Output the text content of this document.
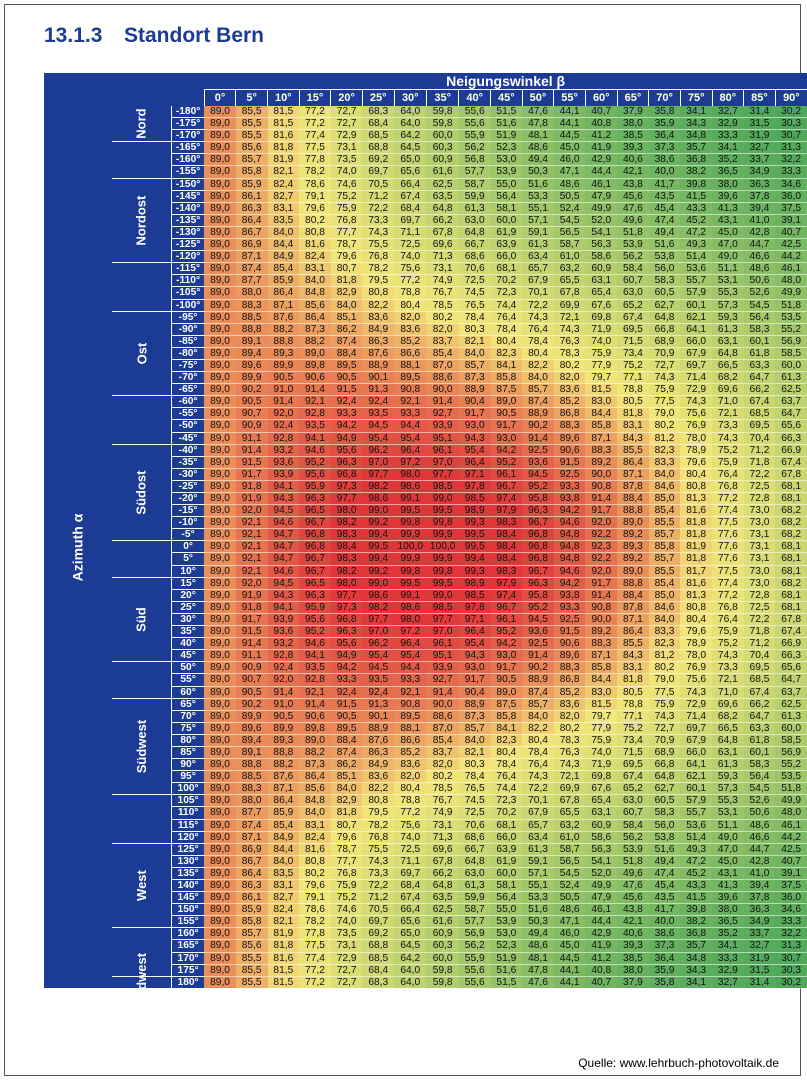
13.1.3 Standort Bern
			Neigungswinkel β																		
			0°	5°	10°	15°	20°	25°	30°	35°	40°	45°	50°	55°	60°	65°	70°	75°	80°	85°	90°
Azimuth α	Nord	-180°	89,0	85,5	81,5	77,2	72,7	68,3	64,0	59,8	55,6	51,5	47,6	44,1	40,7	37,9	35,8	34,1	32,7	31,4	30,2
		-175°	89,0	85,5	81,5	77,2	72,7	68,4	64,0	59,8	55,6	51,6	47,8	44,1	40,8	38,0	35,9	34,3	32,9	31,5	30,3
		-170°	89,0	85,5	81,6	77,4	72,9	68,5	64,2	60,0	55,9	51,9	48,1	44,5	41,2	38,5	36,4	34,8	33,3	31,9	30,7
		-165°	89,0	85,6	81,8	77,5	73,1	68,8	64,5	60,3	56,2	52,3	48,6	45,0	41,9	39,3	37,3	35,7	34,1	32,7	31,3
		-160°	89,0	85,7	81,9	77,8	73,5	69,2	65,0	60,9	56,8	53,0	49,4	46,0	42,9	40,6	38,6	36,8	35,2	33,7	32,2
		-155°	89,0	85,8	82,1	78,2	74,0	69,7	65,6	61,6	57,7	53,9	50,3	47,1	44,4	42,1	40,0	38,2	36,5	34,9	33,3
	Nordost	-150°	89,0	85,9	82,4	78,6	74,6	70,5	66,4	62,5	58,7	55,0	51,6	48,6	46,1	43,8	41,7	39,8	38,0	36,3	34,6
		-145°	89,0	86,1	82,7	79,1	75,2	71,2	67,4	63,5	59,9	56,4	53,3	50,5	47,9	45,6	43,5	41,5	39,6	37,8	36,0
		-140°	89,0	86,3	83,1	79,6	75,9	72,2	68,4	64,8	61,3	58,1	55,1	52,4	49,9	47,6	45,4	43,3	41,3	39,4	37,5
		-135°	89,0	86,4	83,5	80,2	76,8	73,3	69,7	66,2	63,0	60,0	57,1	54,5	52,0	49,6	47,4	45,2	43,1	41,0	39,1
		-130°	89,0	86,7	84,0	80,8	77,7	74,3	71,1	67,8	64,8	61,9	59,1	56,5	54,1	51,8	49,4	47,2	45,0	42,8	40,7
		-125°	89,0	86,9	84,4	81,6	78,7	75,5	72,5	69,6	66,7	63,9	61,3	58,7	56,3	53,9	51,6	49,3	47,0	44,7	42,5
		-120°	89,0	87,1	84,9	82,4	79,6	76,8	74,0	71,3	68,6	66,0	63,4	61,0	58,6	56,2	53,8	51,4	49,0	46,6	44,2
		-115°	89,0	87,4	85,4	83,1	80,7	78,2	75,6	73,1	70,6	68,1	65,7	63,2	60,9	58,4	56,0	53,6	51,1	48,6	46,1
		-110°	89,0	87,7	85,9	84,0	81,8	79,5	77,2	74,9	72,5	70,2	67,9	65,5	63,1	60,7	58,3	55,7	53,1	50,6	48,0
		-105°	89,0	88,0	86,4	84,8	82,9	80,8	78,8	76,7	74,5	72,3	70,1	67,8	65,4	63,0	60,5	57,9	55,3	52,6	49,9
		-100°	89,0	88,3	87,1	85,6	84,0	82,2	80,4	78,5	76,5	74,4	72,2	69,9	67,6	65,2	62,7	60,1	57,3	54,5	51,8
	Ost	-95°	89,0	88,5	87,6	86,4	85,1	83,6	82,0	80,2	78,4	76,4	74,3	72,1	69,8	67,4	64,8	62,1	59,3	56,4	53,5
		-90°	89,0	88,8	88,2	87,3	86,2	84,9	83,6	82,0	80,3	78,4	76,4	74,3	71,9	69,5	66,8	64,1	61,3	58,3	55,2
		-85°	89,0	89,1	88,8	88,2	87,4	86,3	85,2	83,7	82,1	80,4	78,4	76,3	74,0	71,5	68,9	66,0	63,1	60,1	56,9
		-80°	89,0	89,4	89,3	89,0	88,4	87,6	86,6	85,4	84,0	82,3	80,4	78,3	75,9	73,4	70,9	67,9	64,8	61,8	58,5
		-75°	89,0	89,6	89,9	89,8	89,5	88,9	88,1	87,0	85,7	84,1	82,2	80,2	77,9	75,2	72,7	69,7	66,5	63,3	60,0
		-70°	89,0	89,9	90,5	90,6	90,5	90,1	89,5	88,6	87,3	85,8	84,0	82,0	79,7	77,1	74,3	71,4	68,2	64,7	61,3
		-65°	89,0	90,2	91,0	91,4	91,5	91,3	90,8	90,0	88,9	87,5	85,7	83,6	81,5	78,8	75,9	72,9	69,6	66,2	62,5
		-60°	89,0	90,5	91,4	92,1	92,4	92,4	92,1	91,4	90,4	89,0	87,4	85,2	83,0	80,5	77,5	74,3	71,0	67,4	63,7
		-55°	89,0	90,7	92,0	92,8	93,3	93,5	93,3	92,7	91,7	90,5	88,9	86,8	84,4	81,8	79,0	75,6	72,1	68,5	64,7
		-50°	89,0	90,9	92,4	93,5	94,2	94,5	94,4	93,9	93,0	91,7	90,2	88,3	85,8	83,1	80,2	76,9	73,3	69,5	65,6
		-45°	89,0	91,1	92,8	94,1	94,9	95,4	95,4	95,1	94,3	93,0	91,4	89,6	87,1	84,3	81,2	78,0	74,3	70,4	66,3
	Südost	-40°	89,0	91,4	93,2	94,6	95,6	96,2	96,4	96,1	95,4	94,2	92,5	90,6	88,3	85,5	82,3	78,9	75,2	71,2	66,9
		-35°	89,0	91,5	93,6	95,2	96,3	97,0	97,2	97,0	96,4	95,2	93,6	91,5	89,2	86,4	83,3	79,6	75,9	71,8	67,4
		-30°	89,0	91,7	93,9	95,6	96,8	97,7	98,0	97,7	97,1	96,1	94,5	92,5	90,0	87,1	84,0	80,4	76,4	72,2	67,8
		-25°	89,0	91,8	94,1	95,9	97,3	98,2	98,6	98,5	97,8	96,7	95,2	93,3	90,8	87,8	84,6	80,8	76,8	72,5	68,1
		-20°	89,0	91,9	94,3	96,3	97,7	98,6	99,1	99,0	98,5	97,4	95,8	93,8	91,4	88,4	85,0	81,3	77,2	72,8	68,1
		-15°	89,0	92,0	94,5	96,5	98,0	99,0	99,5	99,5	98,9	97,9	96,3	94,2	91,7	88,8	85,4	81,6	77,4	73,0	68,2
		-10°	89,0	92,1	94,6	96,7	98,2	99,2	99,8	99,8	99,3	98,3	96,7	94,6	92,0	89,0	85,5	81,8	77,5	73,0	68,2
		-5°	89,0	92,1	94,7	96,8	98,3	99,4	99,9	99,9	99,5	98,4	96,8	94,8	92,2	89,2	85,7	81,8	77,6	73,1	68,2
		0°	89,0	92,1	94,7	96,8	98,4	99,5	100,0	100,0	99,5	98,4	96,8	94,8	92,3	89,3	85,8	81,9	77,6	73,1	68,1
		5°	89,0	92,1	94,7	96,7	98,3	99,4	99,9	99,9	99,4	98,4	96,8	94,8	92,2	89,2	85,7	81,8	77,6	73,1	68,1
		10°	89,0	92,1	94,6	96,7	98,2	99,2	99,8	99,8	99,3	98,3	96,7	94,6	92,0	89,0	85,5	81,7	77,5	73,0	68,1
	Süd	15°	89,0	92,0	94,5	96,5	98,0	99,0	99,5	99,5	98,9	97,9	96,3	94,2	91,7	88,8	85,4	81,6	77,4	73,0	68,2
		20°	89,0	91,9	94,3	96,3	97,7	98,6	99,1	99,0	98,5	97,4	95,8	93,8	91,4	88,4	85,0	81,3	77,2	72,8	68,1
		25°	89,0	91,8	94,1	95,9	97,3	98,2	98,6	98,5	97,8	96,7	95,2	93,3	90,8	87,8	84,6	80,8	76,8	72,5	68,1
		30°	89,0	91,7	93,9	95,6	96,8	97,7	98,0	97,7	97,1	96,1	94,5	92,5	90,0	87,1	84,0	80,4	76,4	72,2	67,8
		35°	89,0	91,5	93,6	95,2	96,3	97,0	97,2	97,0	96,4	95,2	93,6	91,5	89,2	86,4	83,3	79,6	75,9	71,8	67,4
		40°	89,0	91,4	93,2	94,6	95,6	96,2	96,4	96,1	95,4	94,2	92,5	90,6	88,3	85,5	82,3	78,9	75,2	71,2	66,9
		45°	89,0	91,1	92,8	94,1	94,9	95,4	95,4	95,1	94,3	93,0	91,4	89,6	87,1	84,3	81,2	78,0	74,3	70,4	66,3
		50°	89,0	90,9	92,4	93,5	94,2	94,5	94,4	93,9	93,0	91,7	90,2	88,3	85,8	83,1	80,2	76,9	73,3	69,5	65,6
		55°	89,0	90,7	92,0	92,8	93,3	93,5	93,3	92,7	91,7	90,5	88,9	86,8	84,4	81,8	79,0	75,6	72,1	68,5	64,7
		60°	89,0	90,5	91,4	92,1	92,4	92,4	92,1	91,4	90,4	89,0	87,4	85,2	83,0	80,5	77,5	74,3	71,0	67,4	63,7
	Südwest	65°	89,0	90,2	91,0	91,4	91,5	91,3	90,8	90,0	88,9	87,5	85,7	83,6	81,5	78,8	75,9	72,9	69,6	66,2	62,5
		70°	89,0	89,9	90,5	90,6	90,5	90,1	89,5	88,6	87,3	85,8	84,0	82,0	79,7	77,1	74,3	71,4	68,2	64,7	61,3
		75°	89,0	89,6	89,9	89,8	89,5	88,9	88,1	87,0	85,7	84,1	82,2	80,2	77,9	75,2	72,7	69,7	66,5	63,3	60,0
		80°	89,0	89,4	89,3	89,0	88,4	87,6	86,6	85,4	84,0	82,3	80,4	78,3	75,9	73,4	70,9	67,9	64,8	61,8	58,5
		85°	89,0	89,1	88,8	88,2	87,4	86,3	85,2	83,7	82,1	80,4	78,4	76,3	74,0	71,5	68,9	66,0	63,1	60,1	56,9
		90°	89,0	88,8	88,2	87,3	86,2	84,9	83,6	82,0	80,3	78,4	76,4	74,3	71,9	69,5	66,8	64,1	61,3	58,3	55,2
		95°	89,0	88,5	87,6	86,4	85,1	83,6	82,0	80,2	78,4	76,4	74,3	72,1	69,8	67,4	64,8	62,1	59,3	56,4	53,5
		100°	89,0	88,3	87,1	85,6	84,0	82,2	80,4	78,5	76,5	74,4	72,2	69,9	67,6	65,2	62,7	60,1	57,3	54,5	51,8
		105°	89,0	88,0	86,4	84,8	82,9	80,8	78,8	76,7	74,5	72,3	70,1	67,8	65,4	63,0	60,5	57,9	55,3	52,6	49,9
		110°	89,0	87,7	85,9	84,0	81,8	79,5	77,2	74,9	72,5	70,2	67,9	65,5	63,1	60,7	58,3	55,7	53,1	50,6	48,0
		115°	89,0	87,4	85,4	83,1	80,7	78,2	75,6	73,1	70,6	68,1	65,7	63,2	60,9	58,4	56,0	53,6	51,1	48,6	46,1
		120°	89,0	87,1	84,9	82,4	79,6	76,8	74,0	71,3	68,6	66,0	63,4	61,0	58,6	56,2	53,8	51,4	49,0	46,6	44,2
	West	125°	89,0	86,9	84,4	81,6	78,7	75,5	72,5	69,6	66,7	63,9	61,3	58,7	56,3	53,9	51,6	49,3	47,0	44,7	42,5
		130°	89,0	86,7	84,0	80,8	77,7	74,3	71,1	67,8	64,8	61,9	59,1	56,5	54,1	51,8	49,4	47,2	45,0	42,8	40,7
		135°	89,0	86,4	83,5	80,2	76,8	73,3	69,7	66,2	63,0	60,0	57,1	54,5	52,0	49,6	47,4	45,2	43,1	41,0	39,1
		140°	89,0	86,3	83,1	79,6	75,9	72,2	68,4	64,8	61,3	58,1	55,1	52,4	49,9	47,6	45,4	43,3	41,3	39,4	37,5
		145°	89,0	86,1	82,7	79,1	75,2	71,2	67,4	63,5	59,9	56,4	53,3	50,5	47,9	45,6	43,5	41,5	39,6	37,8	36,0
		150°	89,0	85,9	82,4	78,6	74,6	70,5	66,4	62,5	58,7	55,0	51,6	48,6	46,1	43,8	41,7	39,8	38,0	36,3	34,6
		155°	89,0	85,8	82,1	78,2	74,0	69,7	65,6	61,6	57,7	53,9	50,3	47,1	44,4	42,1	40,0	38,2	36,5	34,9	33,3
		160°	89,0	85,7	81,9	77,8	73,5	69,2	65,0	60,9	56,9	53,0	49,4	46,0	42,9	40,6	38,6	36,8	35,2	33,7	32,2
		165°	89,0	85,6	81,8	77,5	73,1	68,8	64,5	60,3	56,2	52,3	48,6	45,0	41,9	39,3	37,3	35,7	34,1	32,7	31,3
		170°	89,0	85,5	81,6	77,4	72,9	68,5	64,2	60,0	55,9	51,9	48,1	44,5	41,2	38,5	36,4	34,8	33,3	31,9	30,7
		175°	89,0	85,5	81,5	77,2	72,7	68,4	64,0	59,8	55,6	51,6	47,8	44,1	40,8	38,0	35,9	34,3	32,9	31,5	30,3
	Nordwest	180°	89,0	85,5	81,5	77,2	72,7	68,3	64,0	59,8	55,6	51,5	47,6	44,1	40,7	37,9	35,8	34,1	32,7	31,4	30,2
Quelle: www.lehrbuch-photovoltaik.de
